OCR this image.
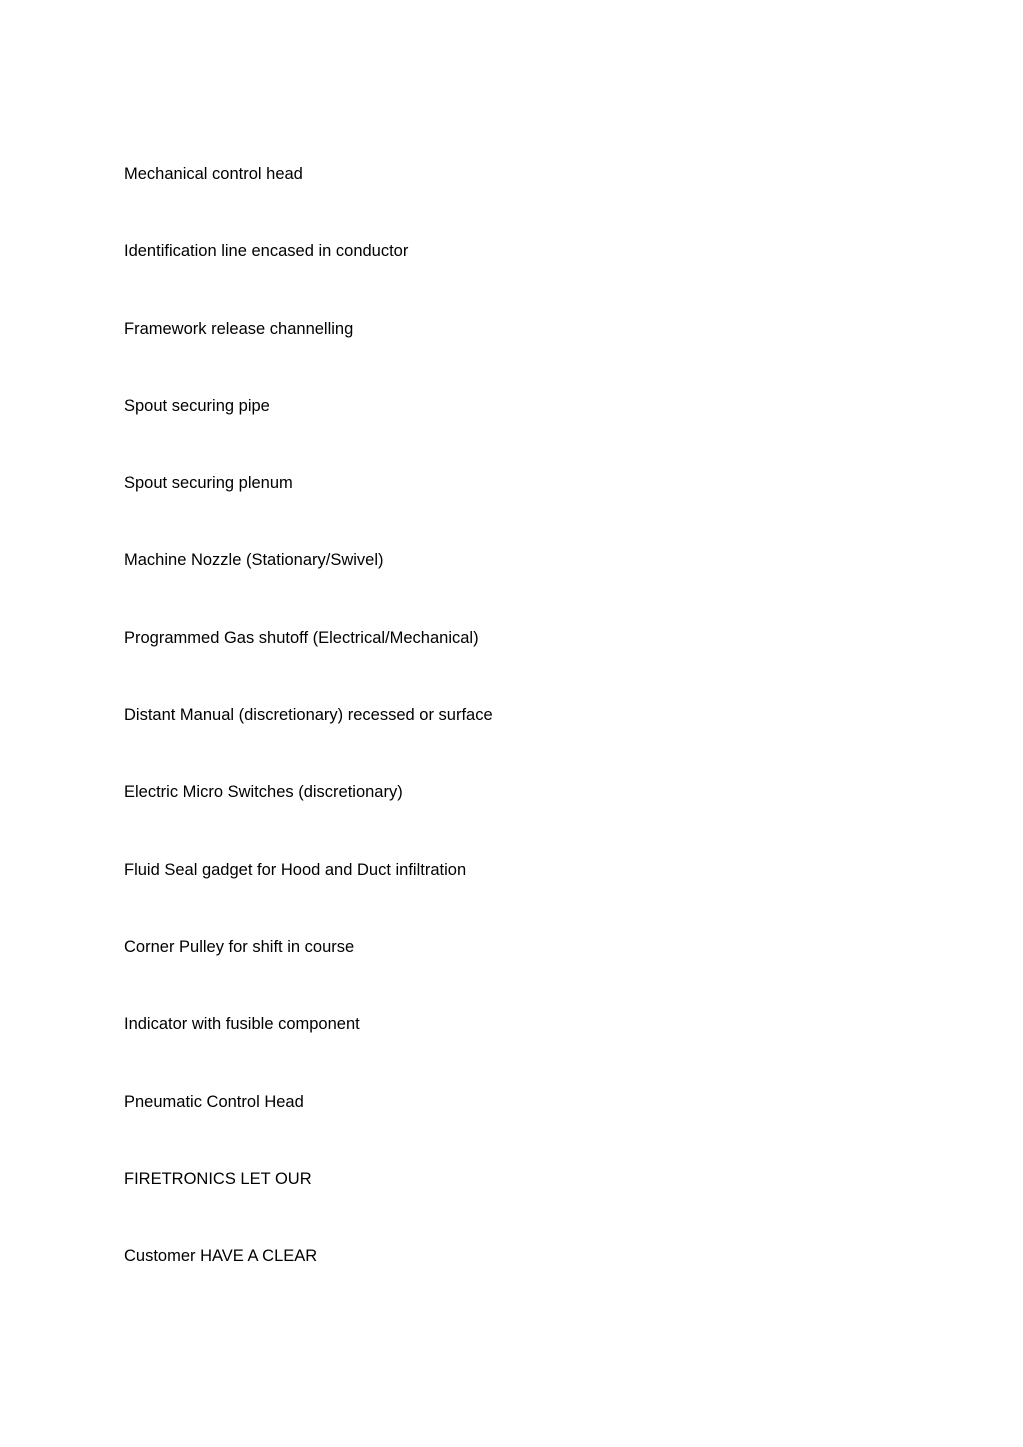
Mechanical control head
Identification line encased in conductor
Framework release channelling
Spout securing pipe
Spout securing plenum
Machine Nozzle (Stationary/Swivel)
Programmed Gas shutoff (Electrical/Mechanical)
Distant Manual (discretionary) recessed or surface
Electric Micro Switches (discretionary)
Fluid Seal gadget for Hood and Duct infiltration
Corner Pulley for shift in course
Indicator with fusible component
Pneumatic Control Head
FIRETRONICS LET OUR
Customer HAVE A CLEAR
